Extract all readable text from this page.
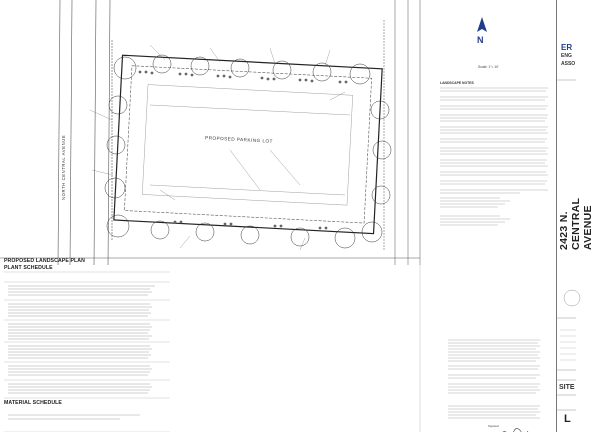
N
Scale: 1"= 10'
NORTH CENTRAL AVENUE	PROPOSED PARKING LOT
PROPOSED LANDSCAPE PLAN
PLANT SCHEDULE
MATERIAL SCHEDULE
LANDSCAPE NOTES
Signature
ER
ENG
ASSO
2423 N. CENTRAL AVENUE
SITE
L
